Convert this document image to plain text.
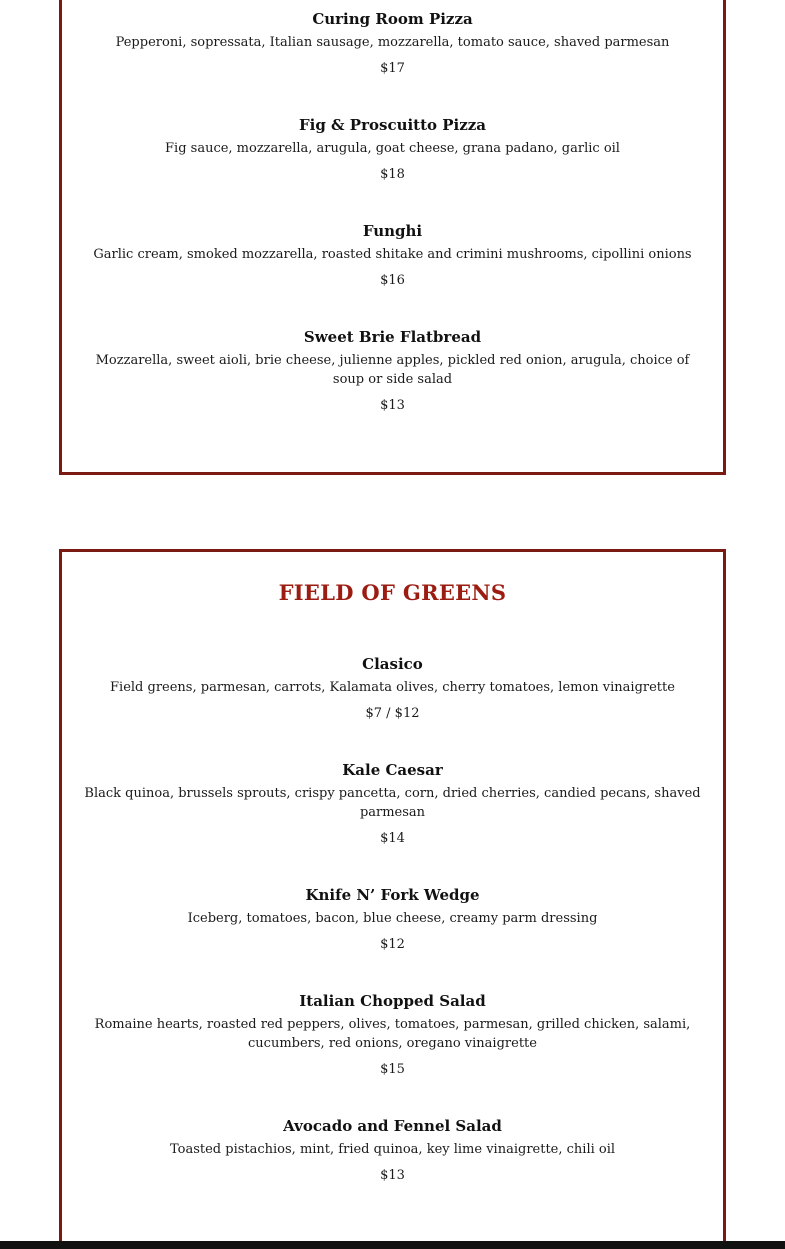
Curing Room Pizza

Pepperoni, sopressata, Italian sausage, mozzarella, tomato sauce, shaved parmesan

$17

Fig & Proscuitto Pizza

Fig sauce, mozzarella, arugula, goat cheese, grana padano, garlic oil

$18

Funghi

Garlic cream, smoked mozzarella, roasted shitake and crimini mushrooms, cipollini onions

$16

Sweet Brie Flatbread

Mozzarella, sweet aioli, brie cheese, julienne apples, pickled red onion, arugula, choice of soup or side salad

$13

FIELD OF GREENS
Clasico

Field greens, parmesan, carrots, Kalamata olives, cherry tomatoes, lemon vinaigrette

$7 / $12

Kale Caesar

Black quinoa, brussels sprouts, crispy pancetta, corn, dried cherries, candied pecans, shaved parmesan

$14

Knife N’ Fork Wedge

Iceberg, tomatoes, bacon, blue cheese, creamy parm dressing

$12

Italian Chopped Salad

Romaine hearts, roasted red peppers, olives, tomatoes, parmesan, grilled chicken, salami, cucumbers, red onions, oregano vinaigrette

$15

Avocado and Fennel Salad

Toasted pistachios, mint, fried quinoa, key lime vinaigrette, chili oil

$13
